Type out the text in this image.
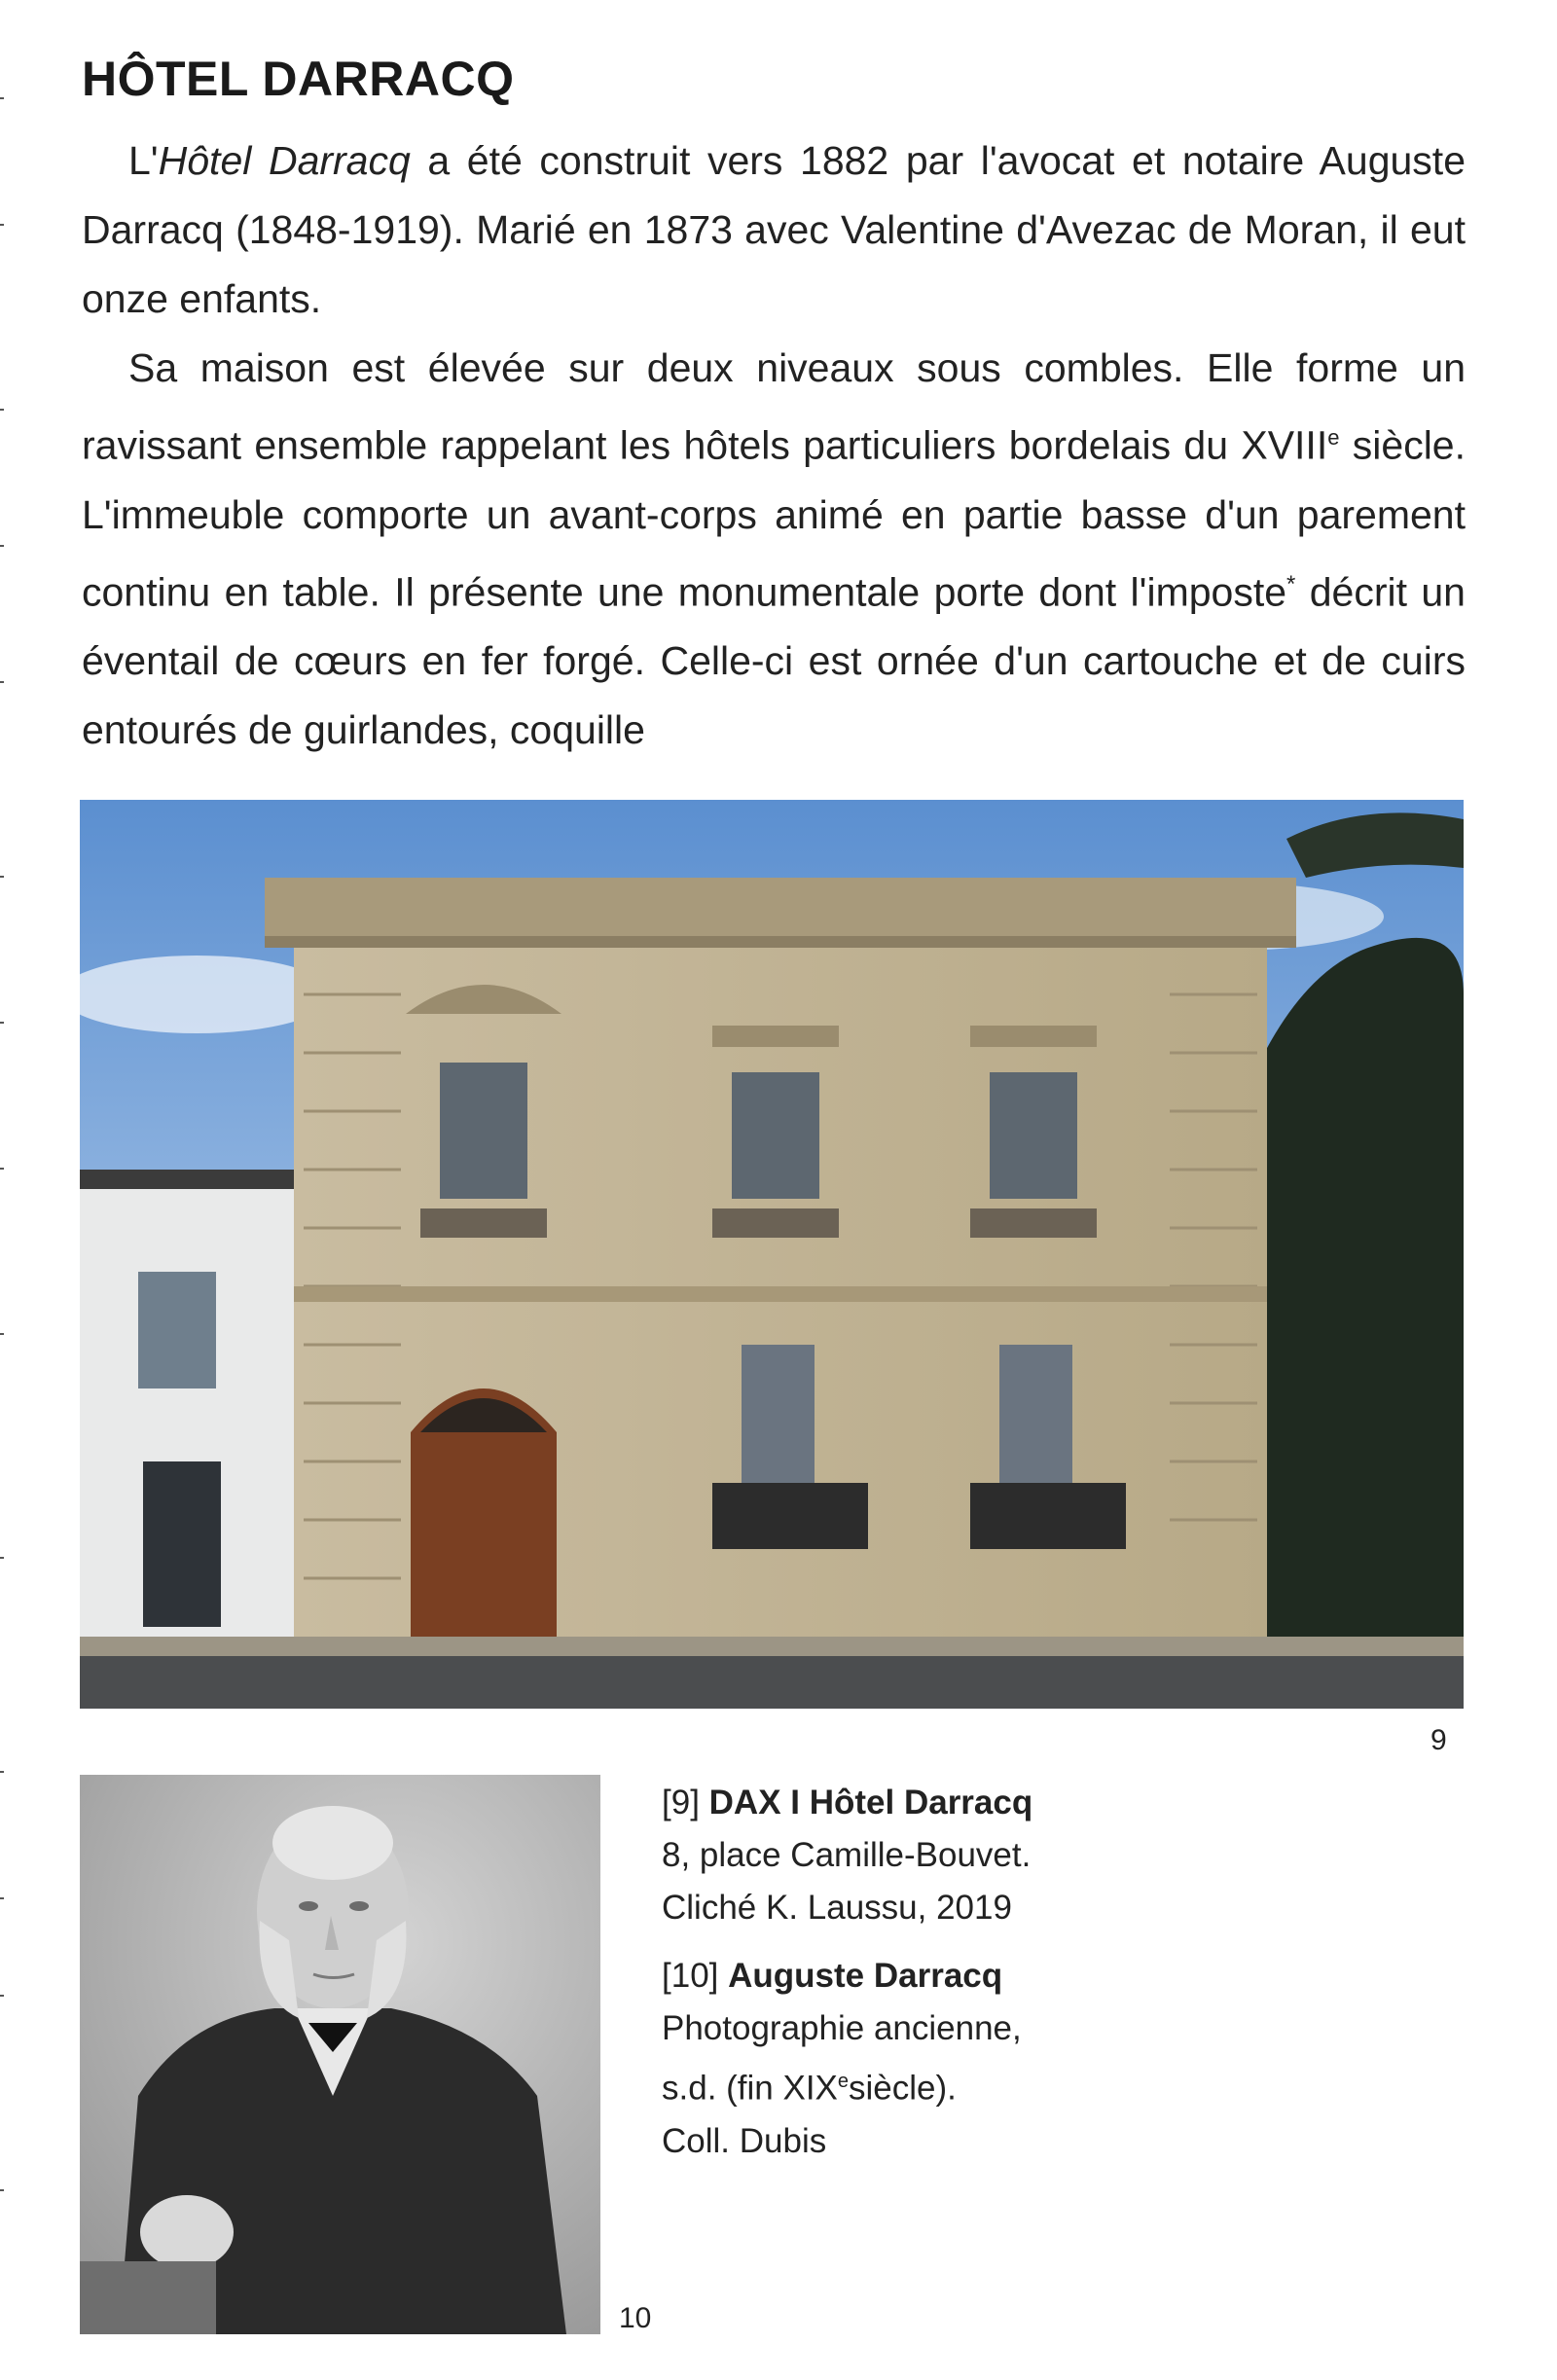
HÔTEL DARRACQ

L'Hôtel Darracq a été construit vers 1882 par l'avocat et notaire Auguste Darracq (1848-1919). Marié en 1873 avec Valentine d'Avezac de Moran, il eut onze enfants.

Sa maison est élevée sur deux niveaux sous combles. Elle forme un ravissant ensemble rappelant les hôtels particuliers bordelais du XVIIIe siècle. L'immeuble comporte un avant-corps animé en partie basse d'un parement continu en table. Il présente une monumentale porte dont l'imposte* décrit un éventail de cœurs en fer forgé. Celle-ci est ornée d'un cartouche et de cuirs entourés de guirlandes, coquille

9
10

[9] DAX I Hôtel Darracq
8, place Camille-Bouvet.
Cliché K. Laussu, 2019

[10] Auguste Darracq
Photographie ancienne,
s.d. (fin XIXesiècle).
Coll. Dubis
